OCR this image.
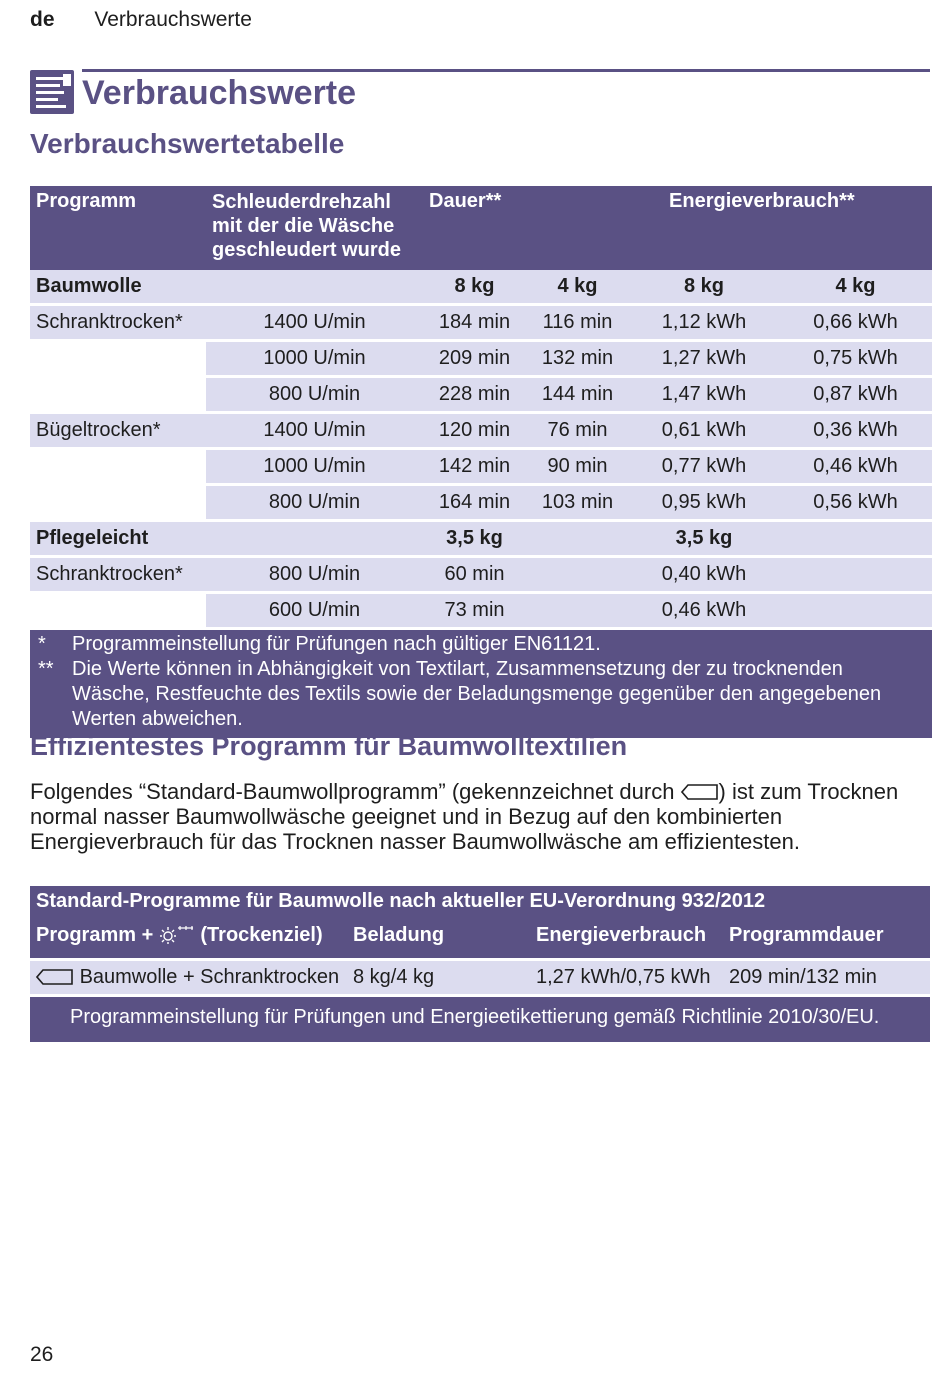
de Verbrauchswerte
Verbrauchswerte
Verbrauchswertetabelle
Programm	Schleuderdrehzahl mit der die Wäsche geschleudert wurde	Dauer**		Energieverbrauch**	
Baumwolle		8 kg	4 kg	8 kg	4 kg
Schranktrocken*	1400 U/min	184 min	116 min	1,12 kWh	0,66 kWh
	1000 U/min	209 min	132 min	1,27 kWh	0,75 kWh
	800 U/min	228 min	144 min	1,47 kWh	0,87 kWh
Bügeltrocken*	1400 U/min	120 min	76 min	0,61 kWh	0,36 kWh
	1000 U/min	142 min	90 min	0,77 kWh	0,46 kWh
	800 U/min	164 min	103 min	0,95 kWh	0,56 kWh
Pflegeleicht		3,5 kg		3,5 kg	
Schranktrocken*	800 U/min	60 min		0,40 kWh	
	600 U/min	73 min		0,46 kWh	

* Programmeinstellung für Prüfungen nach gültiger EN61121.
** Die Werte können in Abhängigkeit von Textilart, Zusammensetzung der zu trocknenden Wäsche, Restfeuchte des Textils sowie der Beladungsmenge gegenüber den angegebenen Werten abweichen.					
Effizientestes Programm für Baumwolltextilien

Folgendes “Standard-Baumwollprogramm” (gekennzeichnet durch ) ist zum Trocknen normal nasser Baumwollwäsche geeignet und in Bezug auf den kombinierten Energieverbrauch für das Trocknen nasser Baumwollwäsche am effizientesten.

Standard-Programme für Baumwolle nach aktueller EU-Verordnung 932/2012			
Programm + (Trockenziel)	Beladung	Energieverbrauch	Programmdauer
Baumwolle + Schranktrocken	8 kg/4 kg	1,27 kWh/0,75 kWh	209 min/132 min
Programmeinstellung für Prüfungen und Energieetikettierung gemäß Richtlinie 2010/30/EU.			
26
